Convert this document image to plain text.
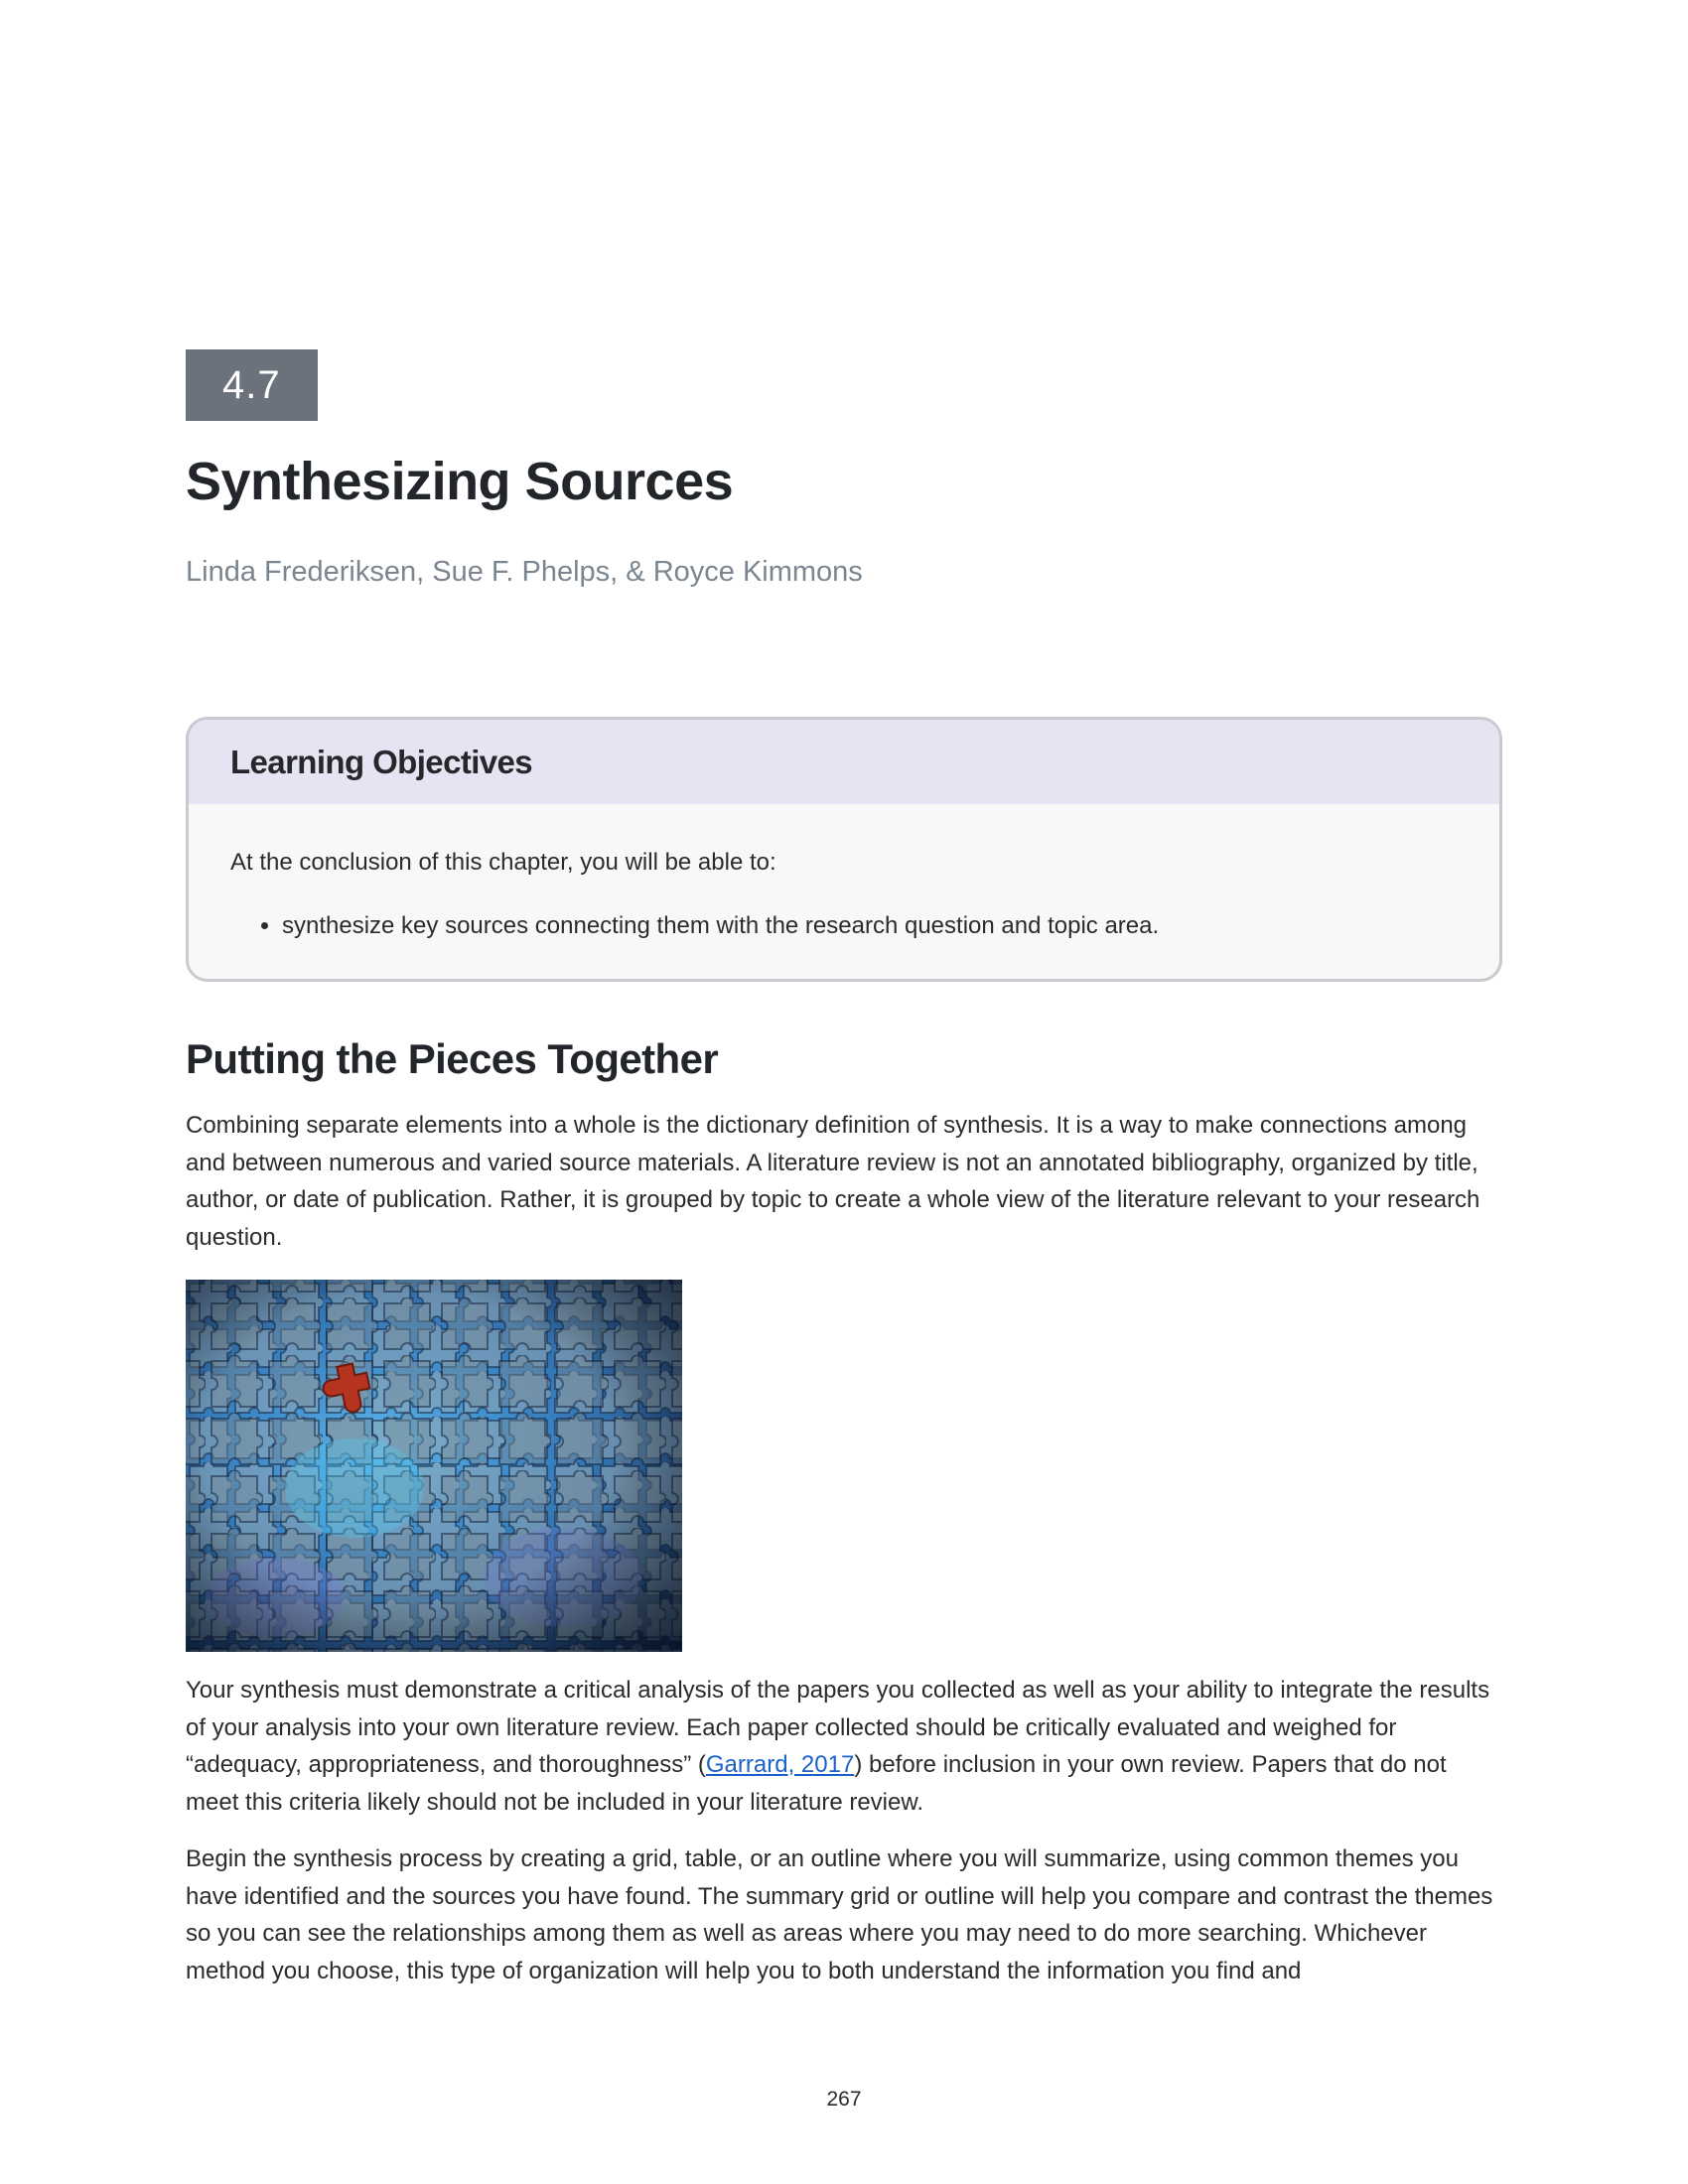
4.7
Synthesizing Sources
Linda Frederiksen, Sue F. Phelps, & Royce Kimmons
Learning Objectives

At the conclusion of this chapter, you will be able to:

• synthesize key sources connecting them with the research question and topic area.
Putting the Pieces Together

Combining separate elements into a whole is the dictionary definition of synthesis. It is a way to make connections among and between numerous and varied source materials. A literature review is not an annotated bibliography, organized by title, author, or date of publication. Rather, it is grouped by topic to create a whole view of the literature relevant to your research question.

Your synthesis must demonstrate a critical analysis of the papers you collected as well as your ability to integrate the results of your analysis into your own literature review. Each paper collected should be critically evaluated and weighed for “adequacy, appropriateness, and thoroughness” (Garrard, 2017) before inclusion in your own review. Papers that do not meet this criteria likely should not be included in your literature review.

Begin the synthesis process by creating a grid, table, or an outline where you will summarize, using common themes you have identified and the sources you have found. The summary grid or outline will help you compare and contrast the themes so you can see the relationships among them as well as areas where you may need to do more searching. Whichever method you choose, this type of organization will help you to both understand the information you find and

267
